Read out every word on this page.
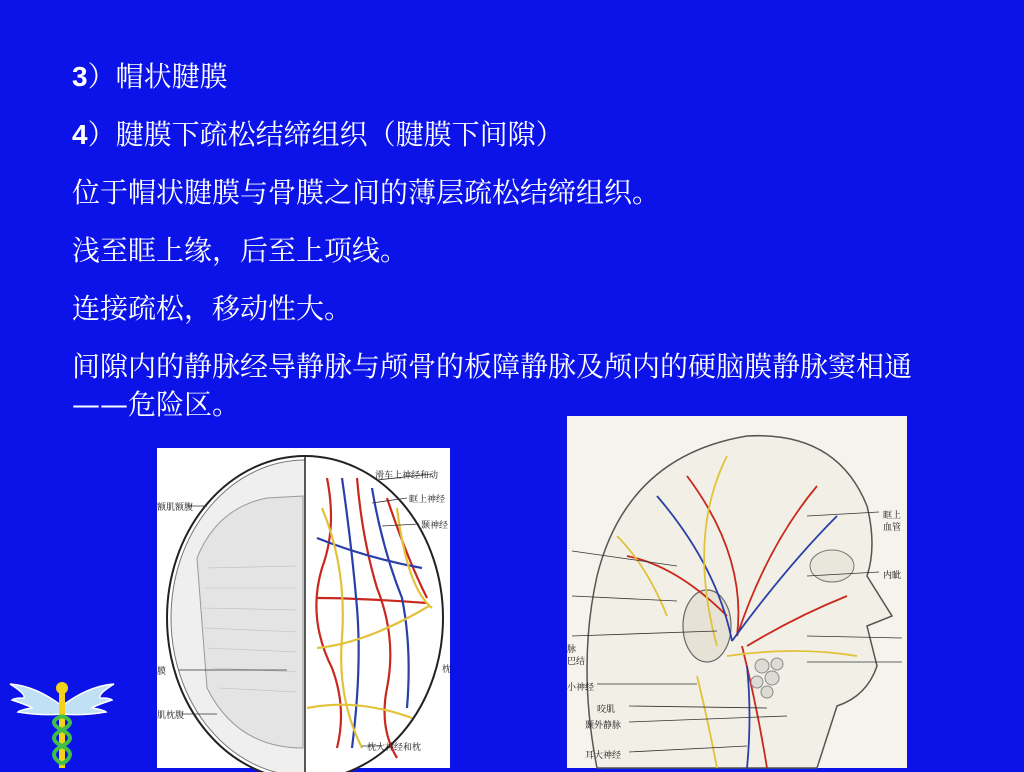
3）帽状腱膜
4）腱膜下疏松结缔组织（腱膜下间隙）
位于帽状腱膜与骨膜之间的薄层疏松结缔组织。
浅至眶上缘，后至上项线。
连接疏松，移动性大。
间隙内的静脉经导静脉与颅骨的板障静脉及颅内的硬脑膜静脉窦相通——危险区。
滑车上神经和动
眶上神经
颞神经
额肌额腹
膜
肌枕腹
枕大神经和枕
枕
眶上
血管
内眦
脉
巴结
小神经
咬肌
颞外静脉
耳大神经
